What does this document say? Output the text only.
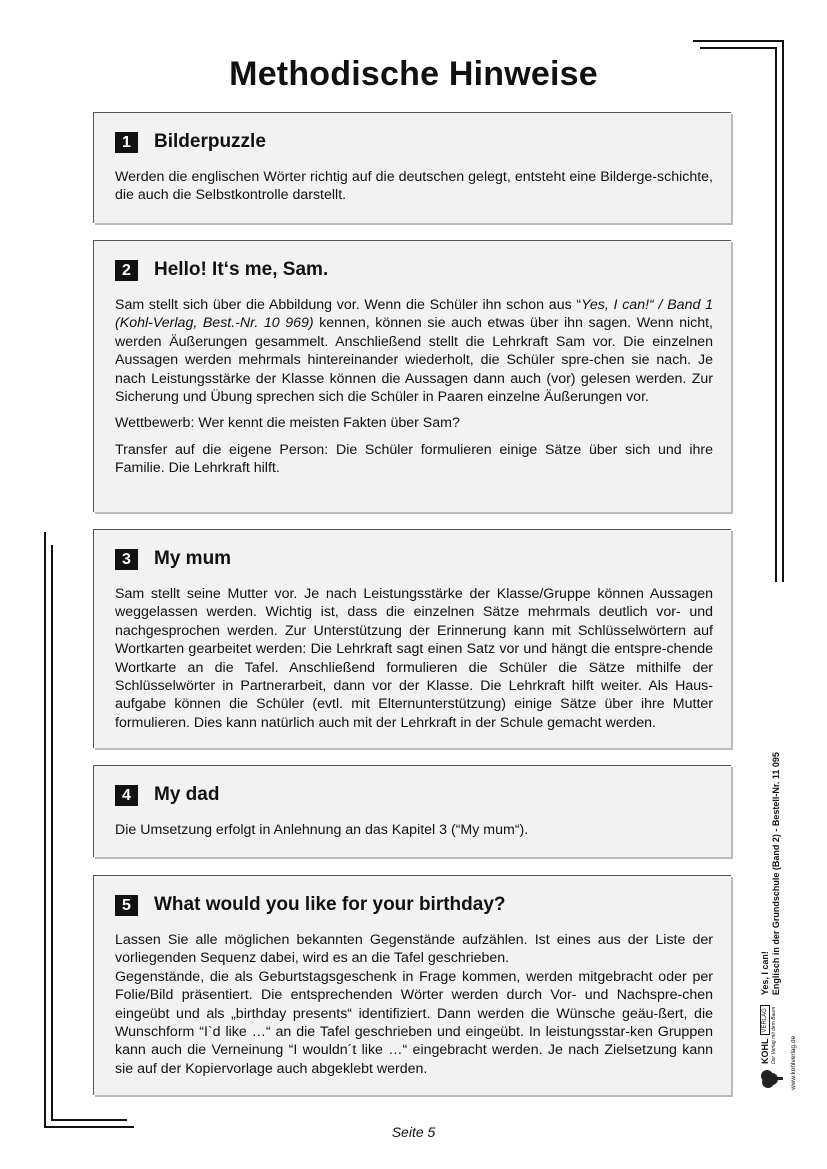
Methodische Hinweise
1	Bilderpuzzle

Werden die englischen Wörter richtig auf die deutschen gelegt, entsteht eine Bilderge-schichte, die auch die Selbstkontrolle darstellt.

2	Hello! It‘s me, Sam.

Sam stellt sich über die Abbildung vor. Wenn die Schüler ihn schon aus “Yes, I can!“ / Band 1 (Kohl-Verlag, Best.-Nr. 10 969) kennen, können sie auch etwas über ihn sagen. Wenn nicht, werden Äußerungen gesammelt. Anschließend stellt die Lehrkraft Sam vor. Die einzelnen Aussagen werden mehrmals hintereinander wiederholt, die Schüler spre-chen sie nach. Je nach Leistungsstärke der Klasse können die Aussagen dann auch (vor) gelesen werden. Zur Sicherung und Übung sprechen sich die Schüler in Paaren einzelne Äußerungen vor.

Wettbewerb: Wer kennt die meisten Fakten über Sam?

Transfer auf die eigene Person: Die Schüler formulieren einige Sätze über sich und ihre Familie. Die Lehrkraft hilft.

3	My mum

Sam stellt seine Mutter vor. Je nach Leistungsstärke der Klasse/Gruppe können Aussagen weggelassen werden. Wichtig ist, dass die einzelnen Sätze mehrmals deutlich vor- und nachgesprochen werden. Zur Unterstützung der Erinnerung kann mit Schlüsselwörtern auf Wortkarten gearbeitet werden: Die Lehrkraft sagt einen Satz vor und hängt die entspre-chende Wortkarte an die Tafel. Anschließend formulieren die Schüler die Sätze mithilfe der Schlüsselwörter in Partnerarbeit, dann vor der Klasse. Die Lehrkraft hilft weiter. Als Haus-aufgabe können die Schüler (evtl. mit Elternunterstützung) einige Sätze über ihre Mutter formulieren. Dies kann natürlich auch mit der Lehrkraft in der Schule gemacht werden.

4	My dad

Die Umsetzung erfolgt in Anlehnung an das Kapitel 3 (“My mum“).

5	What would you like for your birthday?

Lassen Sie alle möglichen bekannten Gegenstände aufzählen. Ist eines aus der Liste der vorliegenden Sequenz dabei, wird es an die Tafel geschrieben.

Gegenstände, die als Geburtstagsgeschenk in Frage kommen, werden mitgebracht oder per Folie/Bild präsentiert. Die entsprechenden Wörter werden durch Vor- und Nachspre-chen eingeübt und als „birthday presents“ identifiziert. Dann werden die Wünsche geäu-ßert, die Wunschform “I`d like …“ an die Tafel geschrieben und eingeübt. In leistungsstar-ken Gruppen kann auch die Verneinung “I wouldn´t like …“ eingebracht werden. Je nach Zielsetzung kann sie auf der Kopiervorlage auch abgeklebt werden.

KOHL
VERLAG Der Verlag mit dem Baum
Yes, I can! Englisch in der Grundschule (Band 2) - Bestell-Nr. 11 095
www.kohlverlag.de
Seite 5
